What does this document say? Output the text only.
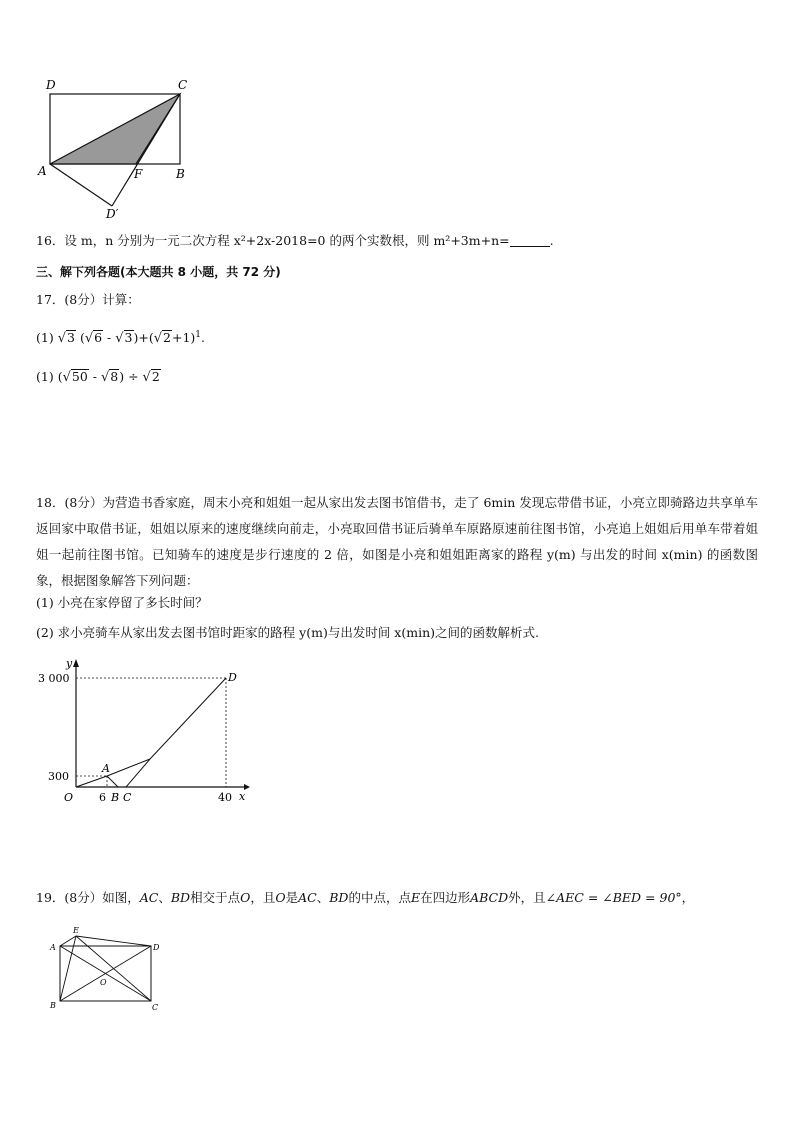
D	C
A	B
F
D′
16．设 m，n 分别为一元二次方程 x²+2x-2018=0 的两个实数根，则 m²+3m+n=	.
三、解下列各题(本大题共 8 小题，共 72 分)
17．(8分）计算：
(1) √3 $(√6 - √3)+(√2+1)^1$.
(1) (√50 - √8) ÷ √2
18．(8分）为营造书香家庭，周末小亮和姐姐一起从家出发去图书馆借书，走了 6min 发现忘带借书证，小亮立即骑路边共享单车返回家中取借书证，姐姐以原来的速度继续向前走，小亮取回借书证后骑单车原路原速前往图书馆，小亮追上姐姐后用单车带着姐姐一起前往图书馆。已知骑车的速度是步行速度的 2 倍，如图是小亮和姐姐距离家的路程 y(m) 与出发的时间 x(min) 的函数图象，根据图象解答下列问题：
(1) 小亮在家停留了多长时间？
(2) 求小亮骑车从家出发去图书馆时距家的路程 y(m)与出发时间 x(min)之间的函数解析式.
y
x
3 000
300
O 6 B C	40
A
D
19．(8分）如图，AC、BD相交于点O，且O是AC、BD的中点，点E在四边形ABCD外，且∠AEC = ∠BED = 90°，
E
A	D
B	C
O
